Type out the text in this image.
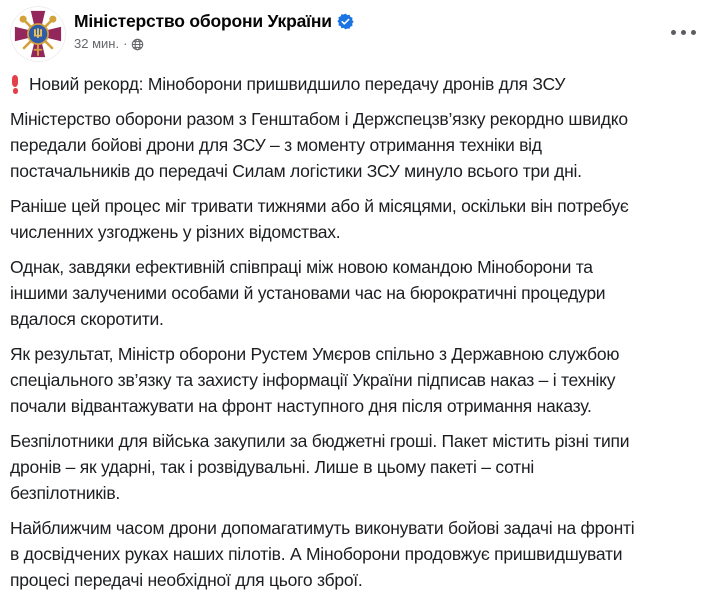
Міністерство оборони України
32 мин. ·
Новий рекорд: Міноборони пришвидшило передачу дронів для ЗСУ
Міністерство оборони разом з Генштабом і Держспецзв’язку рекордно швидко
передали бойові дрони для ЗСУ – з моменту отримання техніки від
постачальників до передачі Силам логістики ЗСУ минуло всього три дні.
Раніше цей процес міг тривати тижнями або й місяцями, оскільки він потребує
численних узгоджень у різних відомствах.
Однак, завдяки ефективній співпраці між новою командою Міноборони та
іншими залученими особами й установами час на бюрократичні процедури
вдалося скоротити.
Як результат, Міністр оборони Рустем Умєров спільно з Державною службою
спеціального зв’язку та захисту інформації України підписав наказ – і техніку
почали відвантажувати на фронт наступного дня після отримання наказу.
Безпілотники для війська закупили за бюджетні гроші. Пакет містить різні типи
дронів – як ударні, так і розвідувальні. Лише в цьому пакеті – сотні
безпілотників.
Найближчим часом дрони допомагатимуть виконувати бойові задачі на фронті
в досвідчених руках наших пілотів. А Міноборони продовжує пришвидшувати
процесі передачі необхідної для цього зброї.
